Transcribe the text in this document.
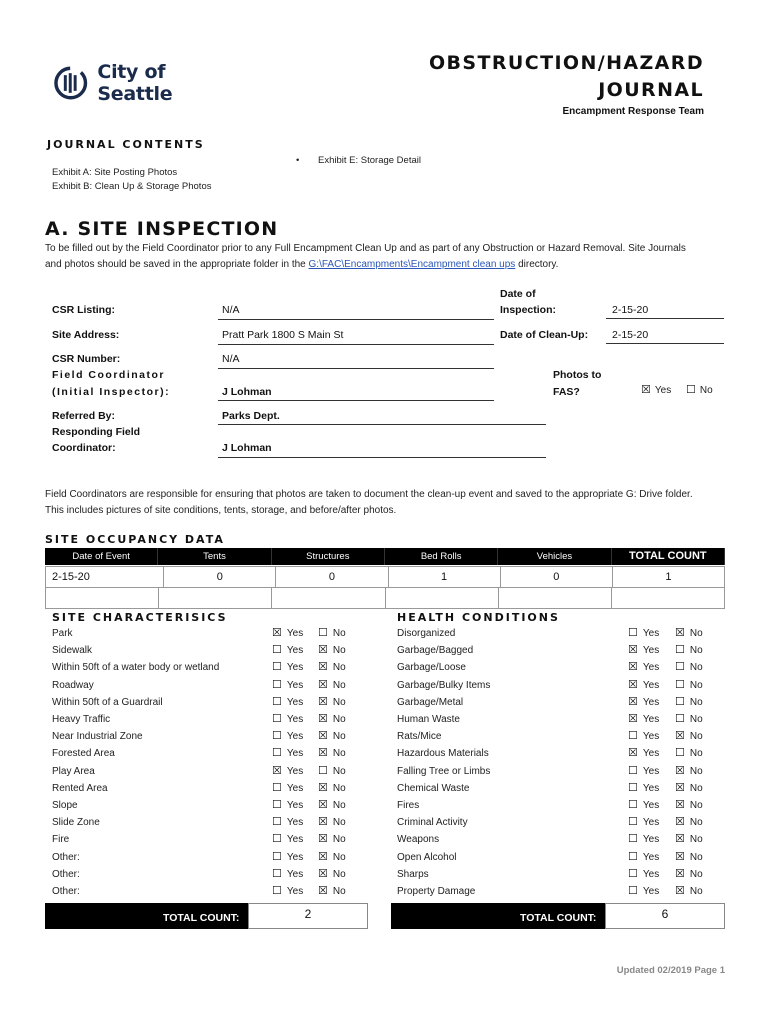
City of Seattle
OBSTRUCTION/HAZARD
JOURNAL
Encampment Response Team
JOURNAL CONTENTS
• Exhibit E: Storage Detail
Exhibit A: Site Posting Photos
Exhibit B: Clean Up & Storage Photos
A. SITE INSPECTION
To be filled out by the Field Coordinator prior to any Full Encampment Clean Up and as part of any Obstruction or Hazard Removal. Site Journals
and photos should be saved in the appropriate folder in the G:\FAC\Encampments\Encampment clean ups directory.
CSR Listing:	N/A
Date of
Inspection:	2-15-20
Site Address:	Pratt Park 1800 S Main St	Date of Clean-Up: 2-15-20
CSR Number:	N/A
Field Coordinator
(Initial Inspector):	J Lohman
Photos to
FAS?	☒ Yes ☐ No
Referred By:	Parks Dept.
Responding Field
Coordinator:	J Lohman
Field Coordinators are responsible for ensuring that photos are taken to document the clean-up event and saved to the appropriate G: Drive folder.
This includes pictures of site conditions, tents, storage, and before/after photos.
SITE OCCUPANCY DATA
Date of Event	Tents	Structures	Bed Rolls	Vehicles	TOTAL COUNT
2-15-20	0	0	1	0	1
SITE CHARACTERISICS	HEALTH CONDITIONS
Park	☒ Yes ☐ No
Sidewalk	☐ Yes ☒ No
Within 50ft of a water body or wetland	☐ Yes ☒ No
Roadway	☐ Yes ☒ No
Within 50ft of a Guardrail	☐ Yes ☒ No
Heavy Traffic	☐ Yes ☒ No
Near Industrial Zone	☐ Yes ☒ No
Forested Area	☐ Yes ☒ No
Play Area	☒ Yes ☐ No
Rented Area	☐ Yes ☒ No
Slope	☐ Yes ☒ No
Slide Zone	☐ Yes ☒ No
Fire	☐ Yes ☒ No
Other:	☐ Yes ☒ No
Other:	☐ Yes ☒ No
Other:	☐ Yes ☒ No
Disorganized	☐ Yes ☒ No
Garbage/Bagged	☒ Yes ☐ No
Garbage/Loose	☒ Yes ☐ No
Garbage/Bulky Items	☒ Yes ☐ No
Garbage/Metal	☒ Yes ☐ No
Human Waste	☒ Yes ☐ No
Rats/Mice	☐ Yes ☒ No
Hazardous Materials	☒ Yes ☐ No
Falling Tree or Limbs	☐ Yes ☒ No
Chemical Waste	☐ Yes ☒ No
Fires	☐ Yes ☒ No
Criminal Activity	☐ Yes ☒ No
Weapons	☐ Yes ☒ No
Open Alcohol	☐ Yes ☒ No
Sharps	☐ Yes ☒ No
Property Damage	☐ Yes ☒ No
TOTAL COUNT:	2	TOTAL COUNT:	6
Updated 02/2019 Page 1
